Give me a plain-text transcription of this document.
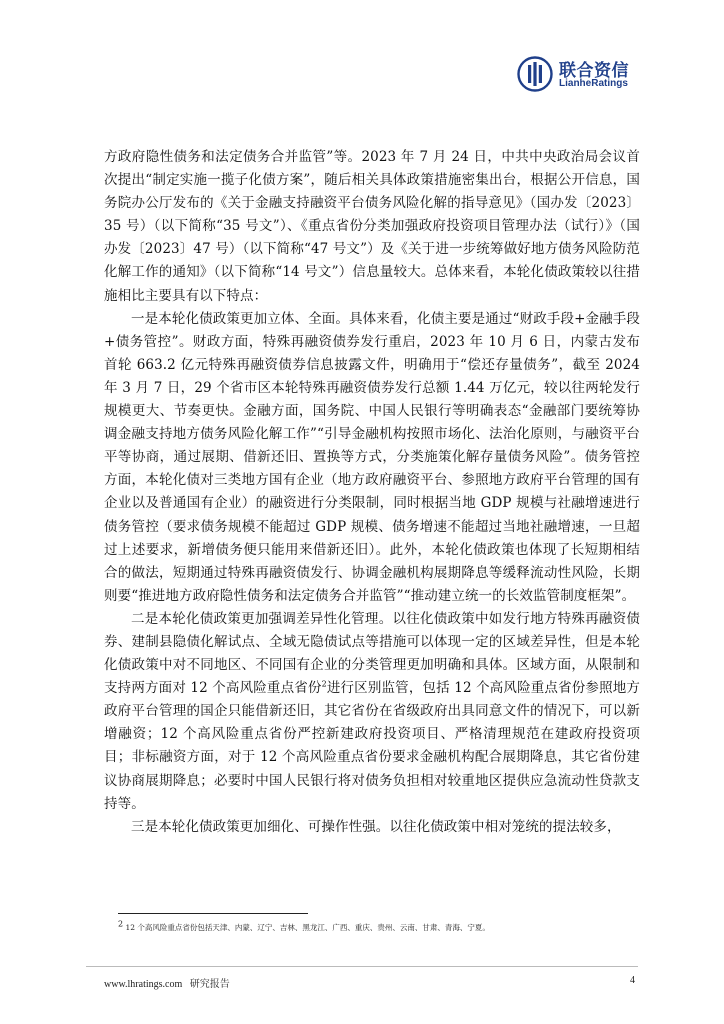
联合资信
LianheRatings

方政府隐性债务和法定债务合并监管”等。2023 年 7 月 24 日，中共中央政治局会议首次提出“制定实施一揽子化债方案”，随后相关具体政策措施密集出台，根据公开信息，国务院办公厅发布的《关于金融支持融资平台债务风险化解的指导意见》（国办发〔2023〕35 号）（以下简称“35 号文”）、《重点省份分类加强政府投资项目管理办法（试行）》（国办发〔2023〕47 号）（以下简称“47 号文”）及《关于进一步统筹做好地方债务风险防范化解工作的通知》（以下简称“14 号文”）信息量较大。总体来看，本轮化债政策较以往措施相比主要具有以下特点：

一是本轮化债政策更加立体、全面。具体来看，化债主要是通过“财政手段+金融手段+债务管控”。财政方面，特殊再融资债券发行重启，2023 年 10 月 6 日，内蒙古发布首轮 663.2 亿元特殊再融资债券信息披露文件，明确用于“偿还存量债务”，截至 2024 年 3 月 7 日，29 个省市区本轮特殊再融资债券发行总额 1.44 万亿元，较以往两轮发行规模更大、节奏更快。金融方面，国务院、中国人民银行等明确表态“金融部门要统筹协调金融支持地方债务风险化解工作”“引导金融机构按照市场化、法治化原则，与融资平台平等协商，通过展期、借新还旧、置换等方式，分类施策化解存量债务风险”。债务管控方面，本轮化债对三类地方国有企业（地方政府融资平台、参照地方政府平台管理的国有企业以及普通国有企业）的融资进行分类限制，同时根据当地 GDP 规模与社融增速进行债务管控（要求债务规模不能超过 GDP 规模、债务增速不能超过当地社融增速，一旦超过上述要求，新增债务便只能用来借新还旧）。此外，本轮化债政策也体现了长短期相结合的做法，短期通过特殊再融资债发行、协调金融机构展期降息等缓释流动性风险，长期则要“推进地方政府隐性债务和法定债务合并监管”“推动建立统一的长效监管制度框架”。

二是本轮化债政策更加强调差异性化管理。以往化债政策中如发行地方特殊再融资债券、建制县隐债化解试点、全域无隐债试点等措施可以体现一定的区域差异性，但是本轮化债政策中对不同地区、不同国有企业的分类管理更加明确和具体。区域方面，从限制和支持两方面对 12 个高风险重点省份$^2$进行区别监管，包括 12 个高风险重点省份参照地方政府平台管理的国企只能借新还旧，其它省份在省级政府出具同意文件的情况下，可以新增融资；12 个高风险重点省份严控新建政府投资项目、严格清理规范在建政府投资项目；非标融资方面，对于 12 个高风险重点省份要求金融机构配合展期降息，其它省份建议协商展期降息；必要时中国人民银行将对债务负担相对较重地区提供应急流动性贷款支持等。

三是本轮化债政策更加细化、可操作性强。以往化债政策中相对笼统的提法较多，

$^2$ 12 个高风险重点省份包括天津、内蒙、辽宁、吉林、黑龙江、广西、重庆、贵州、云南、甘肃、青海、宁夏。
www.lhratings.com 研究报告	4
